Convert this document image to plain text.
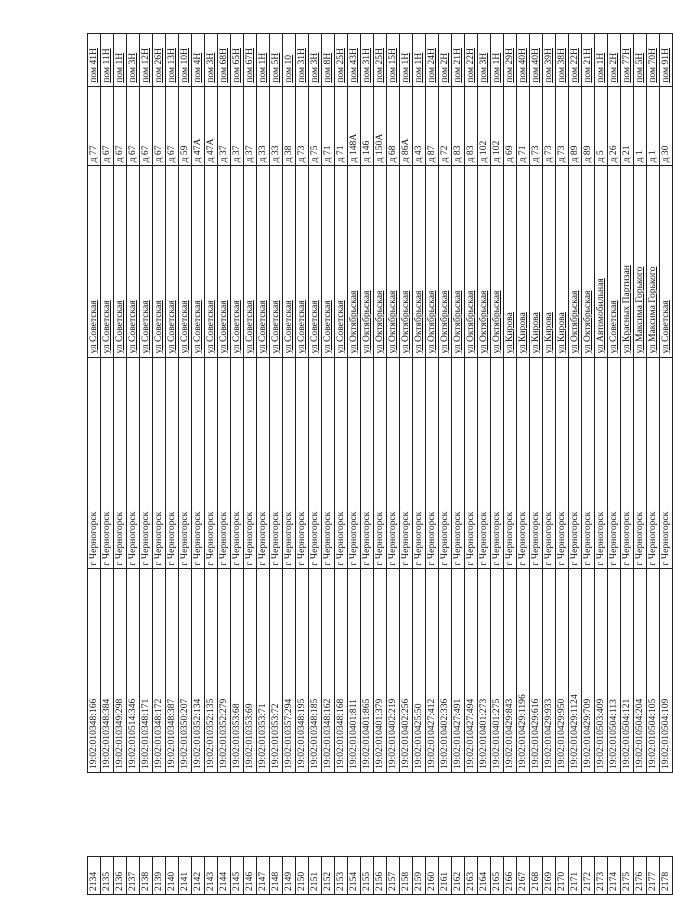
2134		19:02:010348:166	г Черногорск	ул Советская	д 77	пом 41Н
2135		19:02:010348:384	г Черногорск	ул Советская	д 67	пом 11Н
2136		19:02:010349:298	г Черногорск	ул Советская	д 67	пом 1Н
2137		19:02:010514:346	г Черногорск	ул Советская	д 67	пом 3Н
2138		19:02:010348:171	г Черногорск	ул Советская	д 67	пом 12Н
2139		19:02:010348:172	г Черногорск	ул Советская	д 67	пом 26Н
2140		19:02:010348:387	г Черногорск	ул Советская	д 67	пом 13Н
2141		19:02:010350:207	г Черногорск	ул Советская	д 59	пом 10Н
2142		19:02:010352:134	г Черногорск	ул Советская	д 47А	пом 4Н
2143		19:02:010352:135	г Черногорск	ул Советская	д 47А	пом 3Н
2144		19:02:010352:279	г Черногорск	ул Советская	д 37	пом 68Н
2145		19:02:010353:68	г Черногорск	ул Советская	д 37	пом 65Н
2146		19:02:010353:69	г Черногорск	ул Советская	д 37	пом 67Н
2147		19:02:010353:71	г Черногорск	ул Советская	д 33	пом 1Н
2148		19:02:010353:72	г Черногорск	ул Советская	д 33	пом 5Н
2149		19:02:010357:294	г Черногорск	ул Советская	д 38	пом 10
2150		19:02:010348:195	г Черногорск	ул Советская	д 73	пом 31Н
2151		19:02:010348:185	г Черногорск	ул Советская	д 75	пом 3Н
2152		19:02:010348:162	г Черногорск	ул Советская	д 71	пом 8Н
2153		19:02:010348:168	г Черногорск	ул Советская	д 71	пом 25Н
2154		19:02:010401:811	г Черногорск	ул Октябрьская	д 148А	пом 43Н
2155		19:02:010401:865	г Черногорск	ул Октябрьская	д 146	пом 31Н
2156		19:02:010401:379	г Черногорск	ул Октябрьская	д 150А	пом 25Н
2157		19:02:010402:219	г Черногорск	ул Октябрьская	д 68	пом 15Н
2158		19:02:010402:256	г Черногорск	ул Октябрьская	д 86А	пом 1Н
2159		19:02:010425:50	г Черногорск	ул Октябрьская	д 43	пом 1Н
2160		19:02:010427:412	г Черногорск	ул Октябрьская	д 87	пом 24Н
2161		19:02:010402:336	г Черногорск	ул Октябрьская	д 72	пом 2Н
2162		19:02:010427:491	г Черногорск	ул Октябрьская	д 83	пом 21Н
2163		19:02:010427:494	г Черногорск	ул Октябрьская	д 83	пом 22Н
2164		19:02:010401:273	г Черногорск	ул Октябрьская	д 102	пом 3Н
2165		19:02:010401:275	г Черногорск	ул Октябрьская	д 102	пом 1Н
2166		19:02:010429:843	г Черногорск	ул Кирова	д 69	пом 29Н
2167		19:02:010429:1196	г Черногорск	ул Кирова	д 71	пом 40Н
2168		19:02:010429:616	г Черногорск	ул Кирова	д 73	пом 40Н
2169		19:02:010429:933	г Черногорск	ул Кирова	д 73	пом 39Н
2170		19:02:010429:950	г Черногорск	ул Кирова	д 73	пом 38Н
2171		19:02:010429:1124	г Черногорск	ул Октябрьская	д 89	пом 22Н
2172		19:02:010429:709	г Черногорск	ул Октябрьская	д 89	пом 21Н
2173		19:02:010503:409	г Черногорск	ул Автомобильная	д 5	пом 1Н
2174		19:02:010504:113	г Черногорск	ул Советская	д 26	пом 2Н
2175		19:02:010504:121	г Черногорск	ул Красных Партизан	д 21	пом 77Н
2176		19:02:010504:204	г Черногорск	ул Максима Горького	д 1	пом 5Н
2177		19:02:010504:105	г Черногорск	ул Максима Горького	д 1	пом 70Н
2178		19:02:010504:109	г Черногорск	ул Советская	д 30	пом 91Н
